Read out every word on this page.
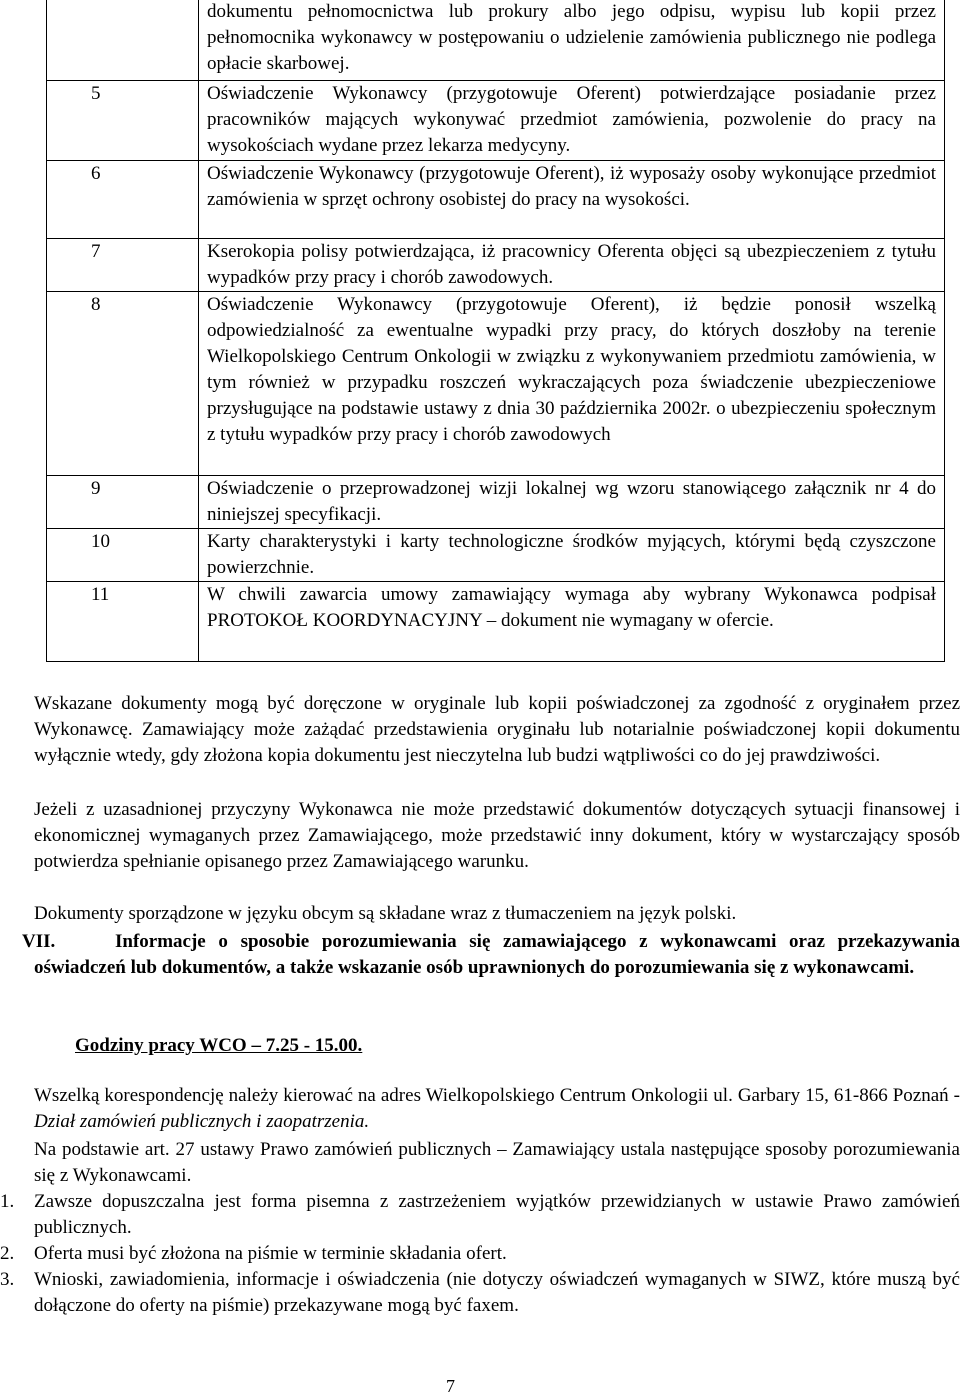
	dokumentu pełnomocnictwa lub prokury albo jego odpisu, wypisu lub kopii przez pełnomocnika wykonawcy w postępowaniu o udzielenie zamówienia publicznego nie podlega opłacie skarbowej.
5	Oświadczenie Wykonawcy (przygotowuje Oferent) potwierdzające posiadanie przez pracowników mających wykonywać przedmiot zamówienia, pozwolenie do pracy na wysokościach wydane przez lekarza medycyny.
6	Oświadczenie Wykonawcy (przygotowuje Oferent), iż wyposaży osoby wykonujące przedmiot zamówienia w sprzęt ochrony osobistej do pracy na wysokości.
7	Kserokopia polisy potwierdzająca, iż pracownicy Oferenta objęci są ubezpieczeniem z tytułu wypadków przy pracy i chorób zawodowych.
8	Oświadczenie Wykonawcy (przygotowuje Oferent), iż będzie ponosił wszelką odpowiedzialność za ewentualne wypadki przy pracy, do których doszłoby na terenie Wielkopolskiego Centrum Onkologii w związku z wykonywaniem przedmiotu zamówienia, w tym również w przypadku roszczeń wykraczających poza świadczenie ubezpieczeniowe przysługujące na podstawie ustawy z dnia 30 października 2002r. o ubezpieczeniu społecznym z tytułu wypadków przy pracy i chorób zawodowych
9	Oświadczenie o przeprowadzonej wizji lokalnej wg wzoru stanowiącego załącznik nr 4 do niniejszej specyfikacji.
10	Karty charakterystyki i karty technologiczne środków myjących, którymi będą czyszczone powierzchnie.
11	W chwili zawarcia umowy zamawiający wymaga aby wybrany Wykonawca podpisał PROTOKOŁ KOORDYNACYJNY – dokument nie wymagany w ofercie.
Wskazane dokumenty mogą być doręczone w oryginale lub kopii poświadczonej za zgodność z oryginałem przez Wykonawcę. Zamawiający może zażądać przedstawienia oryginału lub notarialnie poświadczonej kopii dokumentu wyłącznie wtedy, gdy złożona kopia dokumentu jest nieczytelna lub budzi wątpliwości co do jej prawdziwości.
Jeżeli z uzasadnionej przyczyny Wykonawca nie może przedstawić dokumentów dotyczących sytuacji finansowej i ekonomicznej wymaganych przez Zamawiającego, może przedstawić inny dokument, który w wystarczający sposób potwierdza spełnianie opisanego przez Zamawiającego warunku.
Dokumenty sporządzone w języku obcym są składane wraz z tłumaczeniem na język polski.
VII.	Informacje o sposobie porozumiewania się zamawiającego z wykonawcami oraz przekazywania oświadczeń lub dokumentów, a także wskazanie osób uprawnionych do porozumiewania się z wykonawcami.
Godziny pracy WCO – 7.25 - 15.00.
Wszelką korespondencję należy kierować na adres Wielkopolskiego Centrum Onkologii ul. Garbary 15, 61-866 Poznań - Dział zamówień publicznych i zaopatrzenia.
Na podstawie art. 27 ustawy Prawo zamówień publicznych – Zamawiający ustala następujące sposoby porozumiewania się z Wykonawcami.
1.	Zawsze dopuszczalna jest forma pisemna z zastrzeżeniem wyjątków przewidzianych w ustawie Prawo zamówień publicznych.
2.	Oferta musi być złożona na piśmie w terminie składania ofert.
3.	Wnioski, zawiadomienia, informacje i oświadczenia (nie dotyczy oświadczeń wymaganych w SIWZ, które muszą być dołączone do oferty na piśmie) przekazywane mogą być faxem.
7
